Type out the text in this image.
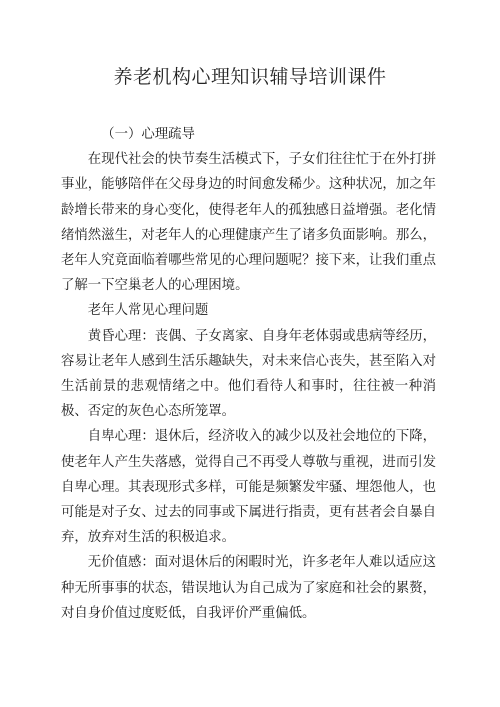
养老机构心理知识辅导培训课件

（一）心理疏导

在现代社会的快节奏生活模式下，子女们往往忙于在外打拼事业，能够陪伴在父母身边的时间愈发稀少。这种状况，加之年龄增长带来的身心变化，使得老年人的孤独感日益增强。老化情绪悄然滋生，对老年人的心理健康产生了诸多负面影响。那么，老年人究竟面临着哪些常见的心理问题呢？接下来，让我们重点了解一下空巢老人的心理困境。

老年人常见心理问题

黄昏心理：丧偶、子女离家、自身年老体弱或患病等经历，容易让老年人感到生活乐趣缺失，对未来信心丧失，甚至陷入对生活前景的悲观情绪之中。他们看待人和事时，往往被一种消极、否定的灰色心态所笼罩。

自卑心理：退休后，经济收入的减少以及社会地位的下降，使老年人产生失落感，觉得自己不再受人尊敬与重视，进而引发自卑心理。其表现形式多样，可能是频繁发牢骚、埋怨他人，也可能是对子女、过去的同事或下属进行指责，更有甚者会自暴自弃，放弃对生活的积极追求。

无价值感：面对退休后的闲暇时光，许多老年人难以适应这种无所事事的状态，错误地认为自己成为了家庭和社会的累赘，对自身价值过度贬低，自我评价严重偏低。
